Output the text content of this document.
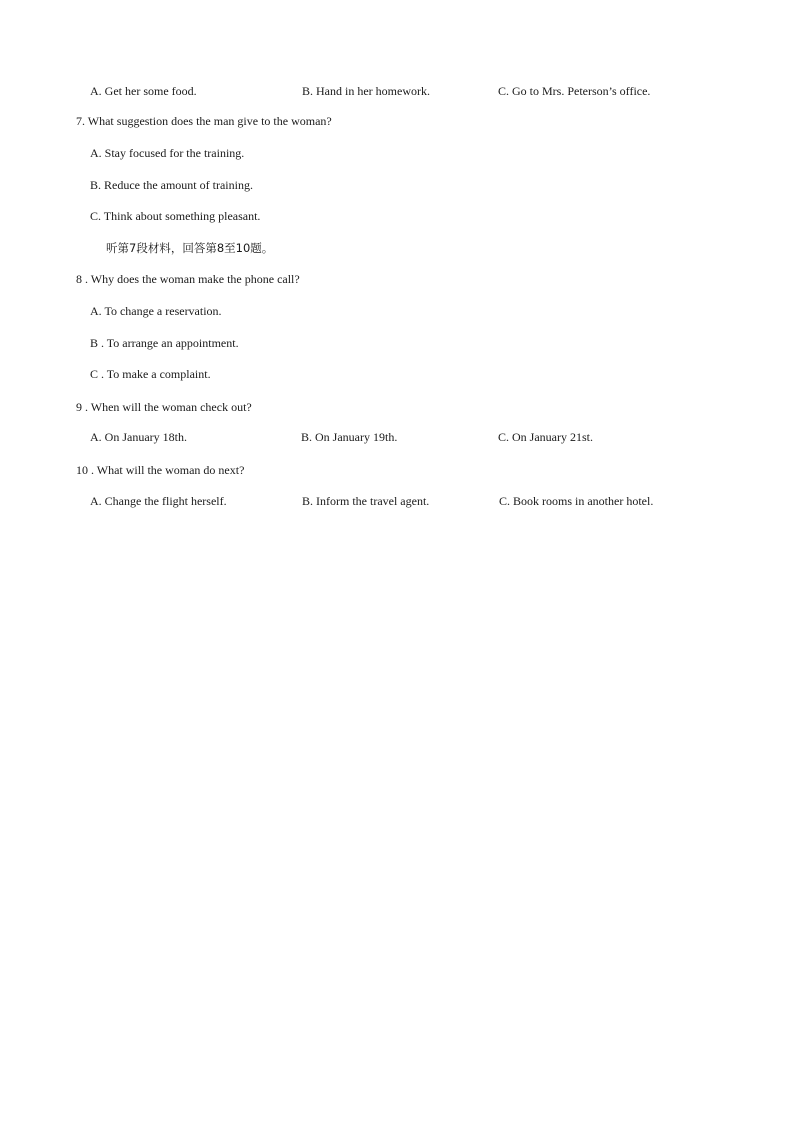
A. Get her some food.	B. Hand in her homework.	C. Go to Mrs. Peterson’s office.
7. What suggestion does the man give to the woman?
A. Stay focused for the training.
B. Reduce the amount of training.
C. Think about something pleasant.
听第7段材料，回答第8至10题。
8 . Why does the woman make the phone call?
A. To change a reservation.
B . To arrange an appointment.
C . To make a complaint.
9 . When will the woman check out?
A. On January 18th.	B. On January 19th.	C. On January 21st.
10 . What will the woman do next?
A. Change the flight herself.	B. Inform the travel agent.	C. Book rooms in another hotel.
